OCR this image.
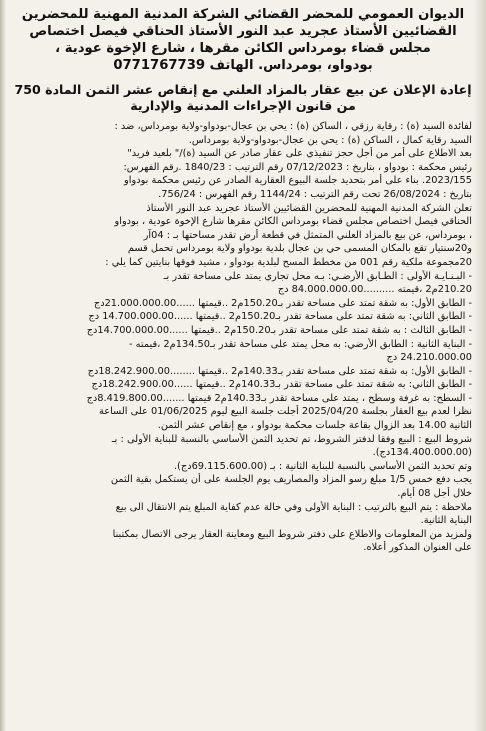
الديوان العمومي للمحضر القضائي الشركة المدنية المهنية للمحضرين
القضائيين الأستاذ عجريد عبد النور الأستاذ الحناقي فيصل اختصاص
مجلس قضاء بومرداس الكائن مقرها ، شارع الإخوة عودية ،
بودواو، بومرداس. الهاتف 0771767739
إعادة الإعلان عن بيع عقار بالمزاد العلني مع إنقاص عشر الثمن المادة 750
من قانون الإجراءات المدنية والإدارية
لفائدة السيد (ة) : رقاية رزقي ، الساكن (ة) : يحي بن عجال-بودواو-ولاية بومرداس، ضد :
السيد رقاية كمال ، الساكن (ة) : يحي بن عجال-بودواو-ولاية بومرداس.
بعد الاطلاع على أمر من أجل حجز تنفيذي على عقار صادر عن السيد (ة)/" بلعيد فريد"
رئيس محكمة : بودواو ، بتاريخ : 07/12/2023 رقم الترتيب : 1840/23 .رقم الفهرس:
2023/155. بناء على أمر بتحديد جلسة البيوع العقارية الصادر عن رئيس محكمة بودواو
بتاريخ : 26/08/2024 تحت رقم الترتيب : 1144/24 رقم الفهرس : 756/24.
تعلن الشركة المدنية المهنية للمحضرين القضائيين الأستاذ عجريد عبد النور الأستاذ
الحناقي فيصل اختصاص مجلس قضاء بومرداس الكائن مقرها شارع الإخوة عودية ، بودواو
، بومرداس، عن بيع بالمزاد العلني المتمثل في قطعة أرض تقدر مساحتها بـ : 04آر
و20سنتيار تقع بالمكان المسمى حي بن عجال بلدية بودواو ولاية بومرداس تحمل قسم
20مجموعة ملكية رقم 001 من مخطط المسح لبلدية بودواو ، مشيد فوقها بنايتين كما يلي :
- البـنـايـة الأولى : الطـابق الأرضـي: بـه محل تجاري يمتد على مساحة تقدر بـ
210.20م2 ،قيمته ..........84.000.000.00 دج
- الطابق الأول: به شقة تمتد على مساحة تقدر بـ150.20م2 ..قيمتها ......21.000.000.00دج
- الطابق الثاني: به شقة تمتد على مساحة تقدر بـ150.20م2 ..قيمتها ......14.700.000.00 دج
- الطابق الثالث : به شقة تمتد على مساحة تقدر بـ150.20م2 ..قيمتها ......14.700.000.00دج
- البناية الثانية : الطابق الأرضي: به محل يمتد على مساحة تقدر بـ134.50م2 ،قيمته -
24.210.000.00 دج
- الطابق الأول: به شقة تمتد على مساحة تقدر بـ140.33م2 ..قيمتها ........18.242.900.00دج
- الطابق الثاني: به شقة تمتد على مساحة تقدر بـ140.33م2 ..قيمتها ......18.242.900.00دج
- السطح: به غرفة وسطح ، يمتد على مساحة تقدر بـ140.33م2 قيمتها .......8.419.800.00دج
نظرا لعدم بيع العقار بجلسة 2025/04/20 أجلت جلسة البيع ليوم 01/06/2025 على الساعة
الثانية 14.00 بعد الزوال بقاعة جلسات محكمة بودواو ، مع إنقاص عشر الثمن.
شروط البيع : البيع وفقا لدفتر الشروط، تم تحديد الثمن الأساسي بالنسبة للبناية الأولى : بـ
(134.400.000.00دج).
وتم تحديد الثمن الأساسي بالنسبة للبناية الثانية : بـ (69.115.600.00دج).
يجب دفع خمس 1/5 مبلغ رسو المزاد والمصاريف يوم الجلسة على أن يستكمل بقية الثمن
خلال أجل 08 أيام.
ملاحظة : يتم البيع بالترتيب : البناية الأولى وفي حالة عدم كفاية المبلغ يتم الانتقال الى بيع
البناية الثانية.
ولمزيد من المعلومات والاطلاع على دفتر شروط البيع ومعاينة العقار يرجى الاتصال بمكتبنا
على العنوان المذكور أعلاه.
